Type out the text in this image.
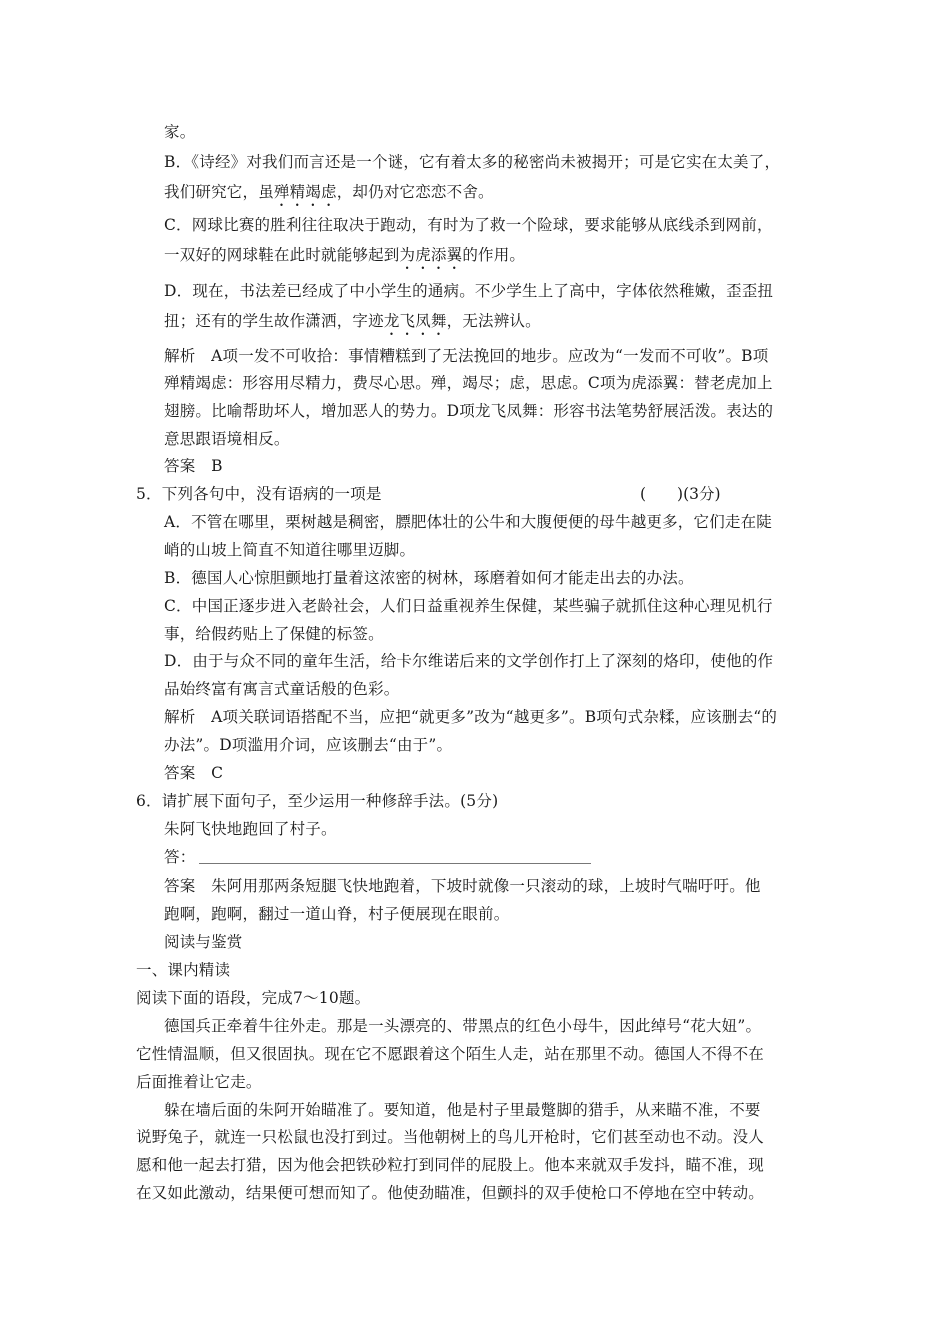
家。
B．《诗经》对我们而言还是一个谜，它有着太多的秘密尚未被揭开；可是它实在太美了，
我们研究它，虽殚精竭虑，却仍对它恋恋不舍。
C．网球比赛的胜利往往取决于跑动，有时为了救一个险球，要求能够从底线杀到网前，
一双好的网球鞋在此时就能够起到为虎添翼的作用。
D．现在，书法差已经成了中小学生的通病。不少学生上了高中，字体依然稚嫩，歪歪扭
扭；还有的学生故作潇洒，字迹龙飞凤舞，无法辨认。
解析　A项一发不可收拾：事情糟糕到了无法挽回的地步。应改为“一发而不可收”。B项
殚精竭虑：形容用尽精力，费尽心思。殚，竭尽；虑，思虑。C项为虎添翼：替老虎加上
翅膀。比喻帮助坏人，增加恶人的势力。D项龙飞凤舞：形容书法笔势舒展活泼。表达的
意思跟语境相反。
答案　B
5．下列各句中，没有语病的一项是	(　　)(3分)
A．不管在哪里，栗树越是稠密，膘肥体壮的公牛和大腹便便的母牛越更多，它们走在陡
峭的山坡上简直不知道往哪里迈脚。
B．德国人心惊胆颤地打量着这浓密的树林，琢磨着如何才能走出去的办法。
C．中国正逐步进入老龄社会，人们日益重视养生保健，某些骗子就抓住这种心理见机行
事，给假药贴上了保健的标签。
D．由于与众不同的童年生活，给卡尔维诺后来的文学创作打上了深刻的烙印，使他的作
品始终富有寓言式童话般的色彩。
解析　A项关联词语搭配不当，应把“就更多”改为“越更多”。B项句式杂糅，应该删去“的
办法”。D项滥用介词，应该删去“由于”。
答案　C
6．请扩展下面句子，至少运用一种修辞手法。(5分)
朱阿飞快地跑回了村子。
答：
答案　朱阿用那两条短腿飞快地跑着，下坡时就像一只滚动的球，上坡时气喘吁吁。他
跑啊，跑啊，翻过一道山脊，村子便展现在眼前。
阅读与鉴赏
一、课内精读
阅读下面的语段，完成7～10题。
德国兵正牵着牛往外走。那是一头漂亮的、带黑点的红色小母牛，因此绰号“花大妞”。
它性情温顺，但又很固执。现在它不愿跟着这个陌生人走，站在那里不动。德国人不得不在
后面推着让它走。
躲在墙后面的朱阿开始瞄准了。要知道，他是村子里最蹩脚的猎手，从来瞄不准，不要
说野兔子，就连一只松鼠也没打到过。当他朝树上的鸟儿开枪时，它们甚至动也不动。没人
愿和他一起去打猎，因为他会把铁砂粒打到同伴的屁股上。他本来就双手发抖，瞄不准，现
在又如此激动，结果便可想而知了。他使劲瞄准，但颤抖的双手使枪口不停地在空中转动。
